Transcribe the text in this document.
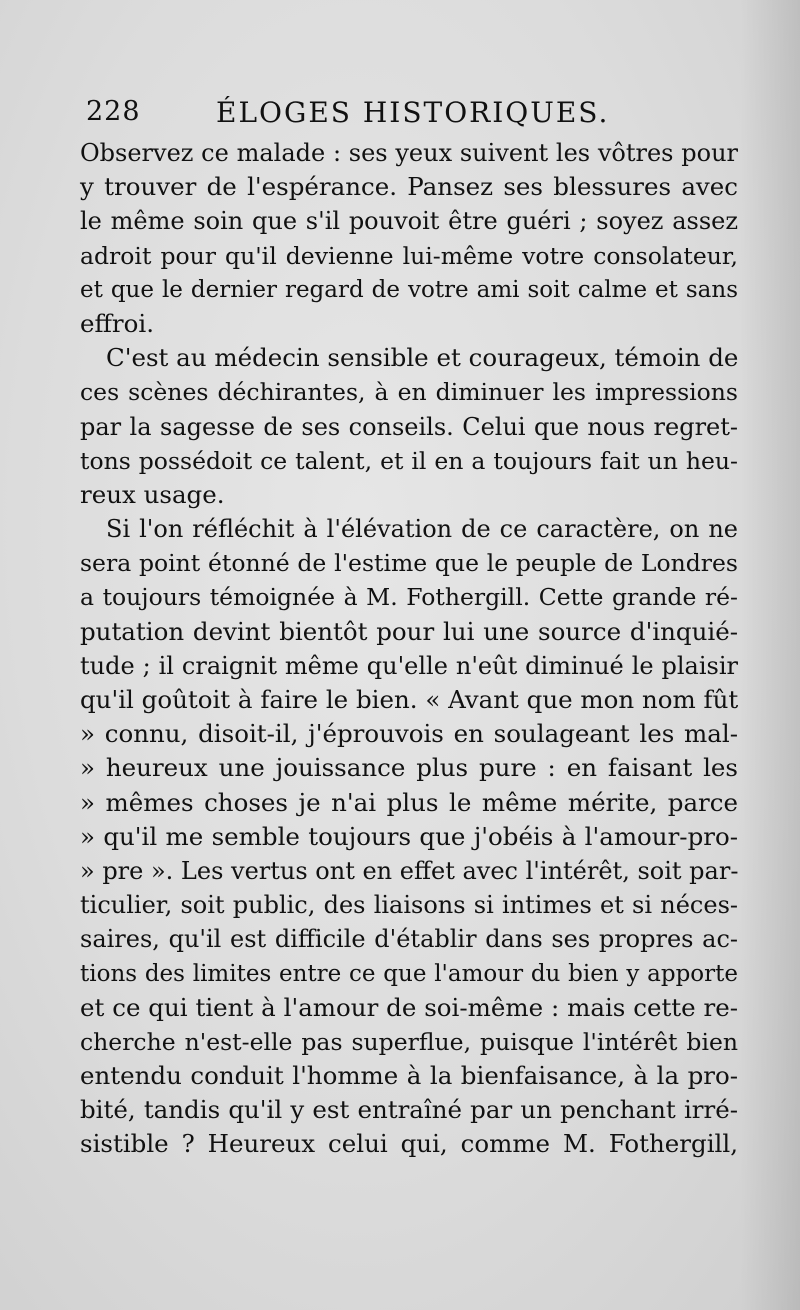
228	ÉLOGES HISTORIQUES.
Observez ce malade : ses yeux suivent les vôtres pour
y trouver de l'espérance. Pansez ses blessures avec
le même soin que s'il pouvoit être guéri ; soyez assez
adroit pour qu'il devienne lui-même votre consolateur,
et que le dernier regard de votre ami soit calme et sans
effroi.
C'est au médecin sensible et courageux, témoin de
ces scènes déchirantes, à en diminuer les impressions
par la sagesse de ses conseils. Celui que nous regret-
tons possédoit ce talent, et il en a toujours fait un heu-
reux usage.
Si l'on réfléchit à l'élévation de ce caractère, on ne
sera point étonné de l'estime que le peuple de Londres
a toujours témoignée à M. Fothergill. Cette grande ré-
putation devint bientôt pour lui une source d'inquié-
tude ; il craignit même qu'elle n'eût diminué le plaisir
qu'il goûtoit à faire le bien. « Avant que mon nom fût
» connu, disoit-il, j'éprouvois en soulageant les mal-
» heureux une jouissance plus pure : en faisant les
» mêmes choses je n'ai plus le même mérite, parce
» qu'il me semble toujours que j'obéis à l'amour-pro-
» pre ». Les vertus ont en effet avec l'intérêt, soit par-
ticulier, soit public, des liaisons si intimes et si néces-
saires, qu'il est difficile d'établir dans ses propres ac-
tions des limites entre ce que l'amour du bien y apporte
et ce qui tient à l'amour de soi-même : mais cette re-
cherche n'est-elle pas superflue, puisque l'intérêt bien
entendu conduit l'homme à la bienfaisance, à la pro-
bité, tandis qu'il y est entraîné par un penchant irré-
sistible ? Heureux celui qui, comme M. Fothergill,
